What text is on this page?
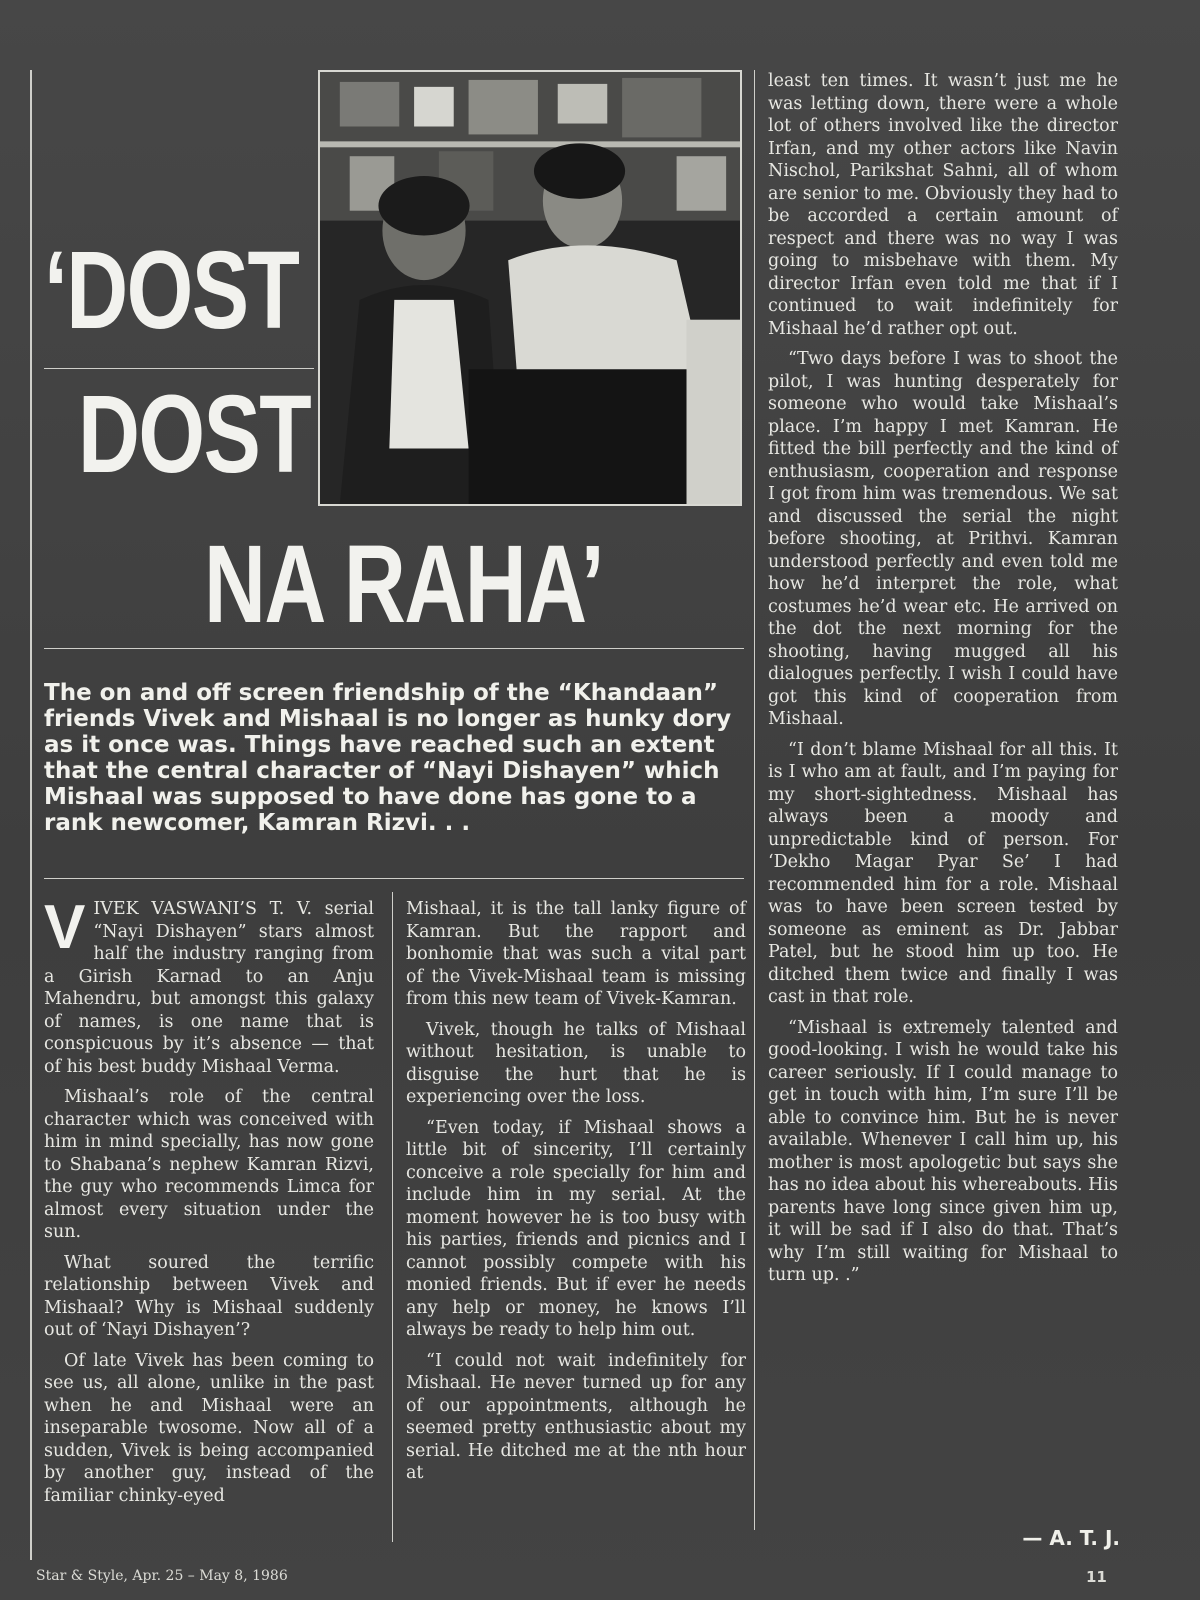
‘DOST
DOST
NA RAHA’
The on and off screen friendship of the “Khandaan” friends Vivek and Mishaal is no longer as hunky dory as it once was. Things have reached such an extent that the central character of “Nayi Dishayen” which Mishaal was supposed to have done has gone to a rank newcomer, Kamran Rizvi. . .

VIVEK VASWANI’S T. V. serial “Nayi Dishayen” stars almost half the industry ranging from a Girish Karnad to an Anju Mahendru, but amongst this galaxy of names, is one name that is conspicuous by it’s absence — that of his best buddy Mishaal Verma.

Mishaal’s role of the central character which was conceived with him in mind specially, has now gone to Shabana’s nephew Kamran Rizvi, the guy who recommends Limca for almost every situation under the sun.

What soured the terrific relationship between Vivek and Mishaal? Why is Mishaal suddenly out of ‘Nayi Dishayen’?

Of late Vivek has been coming to see us, all alone, unlike in the past when he and Mishaal were an inseparable twosome. Now all of a sudden, Vivek is being accompanied by another guy, instead of the familiar chinky-eyed

Mishaal, it is the tall lanky figure of Kamran. But the rapport and bonhomie that was such a vital part of the Vivek-Mishaal team is missing from this new team of Vivek-Kamran.

Vivek, though he talks of Mishaal without hesitation, is unable to disguise the hurt that he is experiencing over the loss.

“Even today, if Mishaal shows a little bit of sincerity, I’ll certainly conceive a role specially for him and include him in my serial. At the moment however he is too busy with his parties, friends and picnics and I cannot possibly compete with his monied friends. But if ever he needs any help or money, he knows I’ll always be ready to help him out.

“I could not wait indefinitely for Mishaal. He never turned up for any of our appointments, although he seemed pretty enthusiastic about my serial. He ditched me at the nth hour at

least ten times. It wasn’t just me he was letting down, there were a whole lot of others involved like the director Irfan, and my other actors like Navin Nischol, Parikshat Sahni, all of whom are senior to me. Obviously they had to be accorded a certain amount of respect and there was no way I was going to misbehave with them. My director Irfan even told me that if I continued to wait indefinitely for Mishaal he’d rather opt out.

“Two days before I was to shoot the pilot, I was hunting desperately for someone who would take Mishaal’s place. I’m happy I met Kamran. He fitted the bill perfectly and the kind of enthusiasm, cooperation and response I got from him was tremendous. We sat and discussed the serial the night before shooting, at Prithvi. Kamran understood perfectly and even told me how he’d interpret the role, what costumes he’d wear etc. He arrived on the dot the next morning for the shooting, having mugged all his dialogues perfectly. I wish I could have got this kind of cooperation from Mishaal.

“I don’t blame Mishaal for all this. It is I who am at fault, and I’m paying for my short-sightedness. Mishaal has always been a moody and unpredictable kind of person. For ‘Dekho Magar Pyar Se’ I had recommended him for a role. Mishaal was to have been screen tested by someone as eminent as Dr. Jabbar Patel, but he stood him up too. He ditched them twice and finally I was cast in that role.

“Mishaal is extremely talented and good-looking. I wish he would take his career seriously. If I could manage to get in touch with him, I’m sure I’ll be able to convince him. But he is never available. Whenever I call him up, his mother is most apologetic but says she has no idea about his whereabouts. His parents have long since given him up, it will be sad if I also do that. That’s why I’m still waiting for Mishaal to turn up. .”

— A. T. J.
Star & Style, Apr. 25 – May 8, 1986	11
